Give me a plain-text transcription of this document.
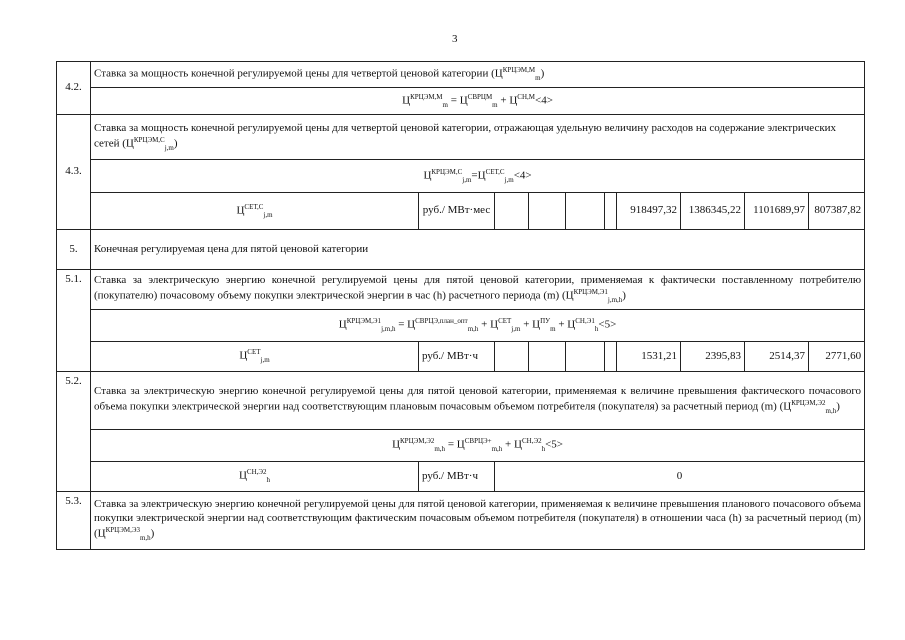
3
4.2.	Ставка за мощность конечной регулируемой цены для четвертой ценовой категории $(Ц^{КРЦЭМ,М}_m)$									
	$Ц^{КРЦЭМ,М}_m = Ц^{СВРЦМ}_m + Ц^{СН,М}<4>$									
4.3.	Ставка за мощность конечной регулируемой цены для четвертой ценовой категории, отражающая удельную величину расходов на содержание электрических сетей $(Ц^{КРЦЭМ,С}_{j,m})$									
	$Ц^{КРЦЭМ,С}_{j,m}=Ц^{СЕТ,С}_{j,m}<4>$									
	$Ц^{СЕТ,С}_{j,m}$	руб./ МВт·мес					918497,32	1386345,22	1101689,97	807387,82
5.	Конечная регулируемая цена для пятой ценовой категории									
5.1.	Ставка за электрическую энергию конечной регулируемой цены для пятой ценовой категории, применяемая к фактически поставленному потребителю (покупателю) почасовому объему покупки электрической энергии в час (h) расчетного периода (m) $(Ц^{КРЦЭМ,Э1}_{j,m,h})$									
	$Ц^{КРЦЭМ,Э1}_{j,m,h} = Ц^{СВРЦЭ,план\_опт}_{m,h} + Ц^{СЕТ}_{j,m} + Ц^{ПУ}_m + Ц^{СН,Э1}_h<5>$									
	$Ц^{СЕТ}_{j,m}$	руб./ МВт·ч					1531,21	2395,83	2514,37	2771,60
5.2.	Ставка за электрическую энергию конечной регулируемой цены для пятой ценовой категории, применяемая к величине превышения фактического почасового объема покупки электрической энергии над соответствующим плановым почасовым объемом потребителя (покупателя) за расчетный период (m) $(Ц^{КРЦЭМ,Э2}_{m,h})$									
	$Ц^{КРЦЭМ,Э2}_{m,h} = Ц^{СВРЦЭ+}_{m,h} + Ц^{СН,Э2}_h<5>$									
	$Ц^{СН,Э2}_h$	руб./ МВт·ч	0							
5.3.	Ставка за электрическую энергию конечной регулируемой цены для пятой ценовой категории, применяемая к величине превышения планового почасового объема покупки электрической энергии над соответствующим фактическим почасовым объемом потребителя (покупателя) в отношении часа (h) за расчетный период (m) $(Ц^{КРЦЭМ,Э3}_{m,h})$									
